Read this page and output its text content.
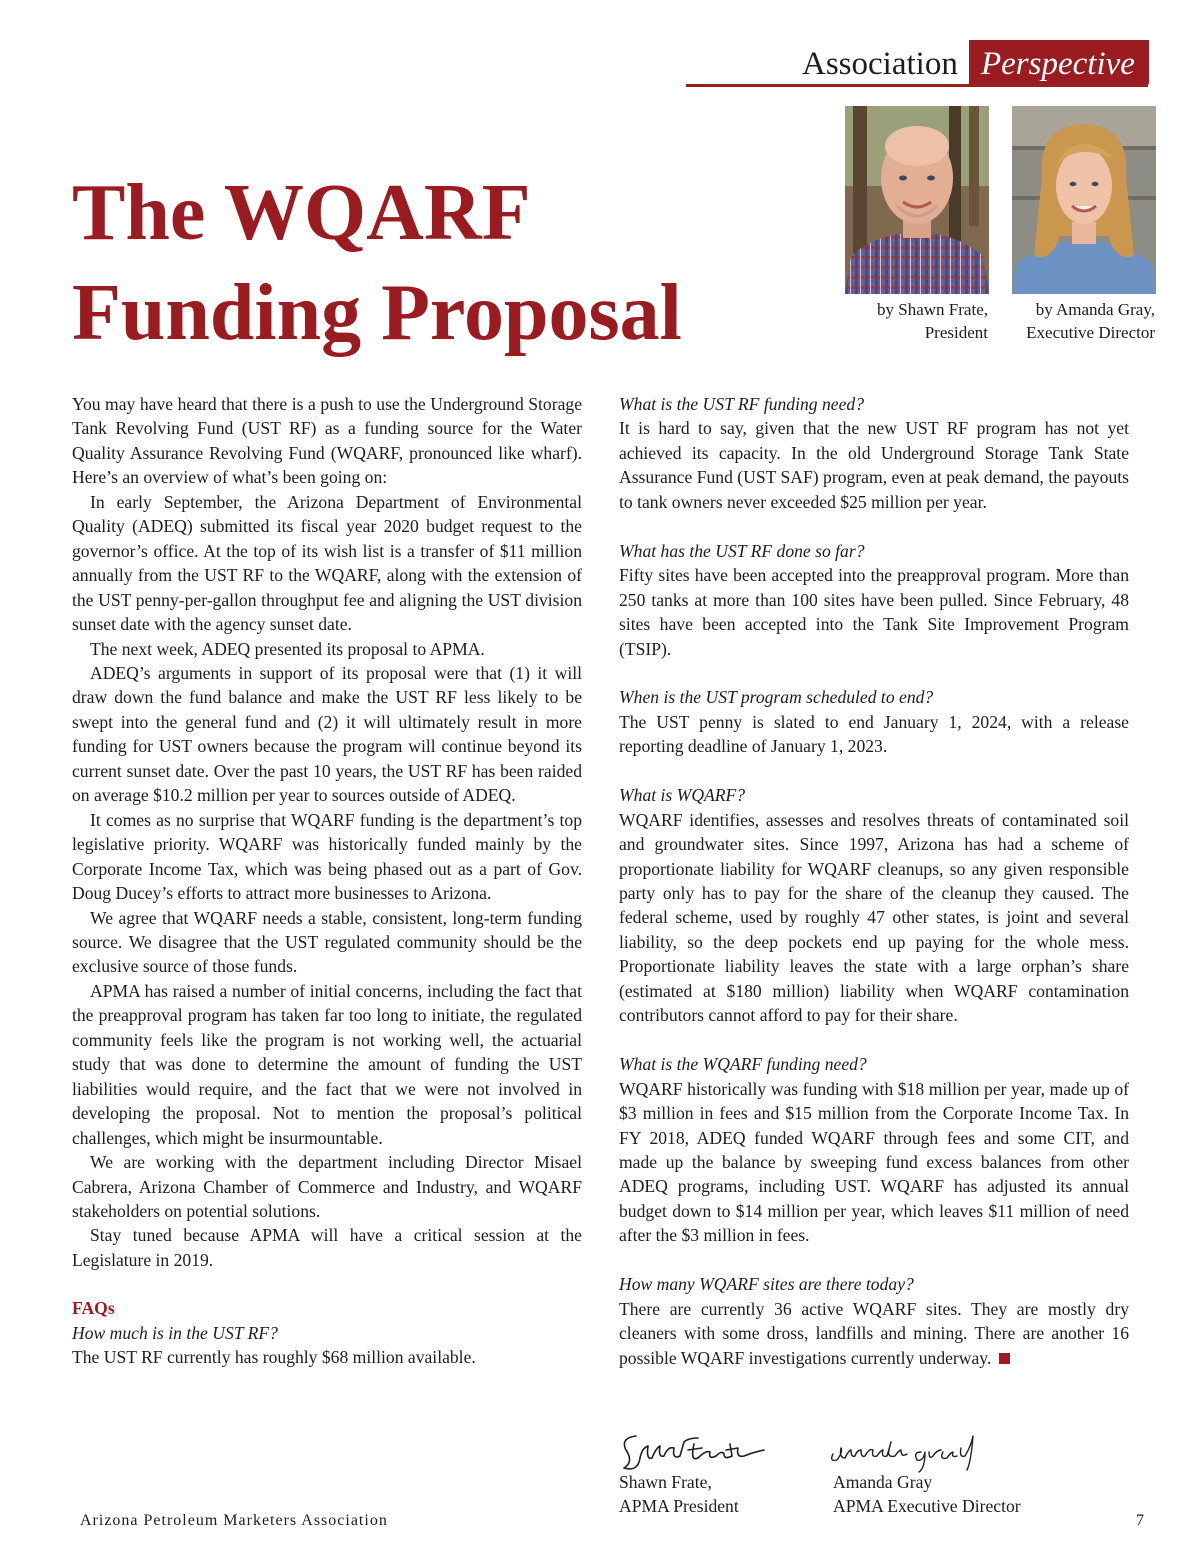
Association Perspective
The WQARF
Funding Proposal	by Shawn Frate,
President
by Amanda Gray,
Executive Director

You may have heard that there is a push to use the Underground Storage Tank Revolving Fund (UST RF) as a funding source for the Water Quality Assurance Revolving Fund (WQARF, pronounced like wharf). Here’s an overview of what’s been going on:

In early September, the Arizona Department of Environmental Quality (ADEQ) submitted its fiscal year 2020 budget request to the governor’s office. At the top of its wish list is a transfer of $11 million annually from the UST RF to the WQARF, along with the extension of the UST penny-per-gallon throughput fee and aligning the UST division sunset date with the agency sunset date.

The next week, ADEQ presented its proposal to APMA.

ADEQ’s arguments in support of its proposal were that (1) it will draw down the fund balance and make the UST RF less likely to be swept into the general fund and (2) it will ultimately result in more funding for UST owners because the program will continue beyond its current sunset date. Over the past 10 years, the UST RF has been raided on average $10.2 million per year to sources outside of ADEQ.

It comes as no surprise that WQARF funding is the department’s top legislative priority. WQARF was historically funded mainly by the Corporate Income Tax, which was being phased out as a part of Gov. Doug Ducey’s efforts to attract more businesses to Arizona.

We agree that WQARF needs a stable, consistent, long-term funding source. We disagree that the UST regulated community should be the exclusive source of those funds.

APMA has raised a number of initial concerns, including the fact that the preapproval program has taken far too long to initiate, the regulated community feels like the program is not working well, the actuarial study that was done to determine the amount of funding the UST liabilities would require, and the fact that we were not involved in developing the proposal. Not to mention the proposal’s political challenges, which might be insurmountable.

We are working with the department including Director Misael Cabrera, Arizona Chamber of Commerce and Industry, and WQARF stakeholders on potential solutions.

Stay tuned because APMA will have a critical session at the Legislature in 2019.

FAQs

How much is in the UST RF?

The UST RF currently has roughly $68 million available.

What is the UST RF funding need?

It is hard to say, given that the new UST RF program has not yet achieved its capacity. In the old Underground Storage Tank State Assurance Fund (UST SAF) program, even at peak demand, the payouts to tank owners never exceeded $25 million per year.

What has the UST RF done so far?

Fifty sites have been accepted into the preapproval program. More than 250 tanks at more than 100 sites have been pulled. Since February, 48 sites have been accepted into the Tank Site Improvement Program (TSIP).

When is the UST program scheduled to end?

The UST penny is slated to end January 1, 2024, with a release reporting deadline of January 1, 2023.

What is WQARF?

WQARF identifies, assesses and resolves threats of contaminated soil and groundwater sites. Since 1997, Arizona has had a scheme of proportionate liability for WQARF cleanups, so any given responsible party only has to pay for the share of the cleanup they caused. The federal scheme, used by roughly 47 other states, is joint and several liability, so the deep pockets end up paying for the whole mess. Proportionate liability leaves the state with a large orphan’s share (estimated at $180 million) liability when WQARF contamination contributors cannot afford to pay for their share.

What is the WQARF funding need?

WQARF historically was funding with $18 million per year, made up of $3 million in fees and $15 million from the Corporate Income Tax. In FY 2018, ADEQ funded WQARF through fees and some CIT, and made up the balance by sweeping fund excess balances from other ADEQ programs, including UST. WQARF has adjusted its annual budget down to $14 million per year, which leaves $11 million of need after the $3 million in fees.

How many WQARF sites are there today?

There are currently 36 active WQARF sites. They are mostly dry cleaners with some dross, landfills and mining. There are another 16 possible WQARF investigations currently underway.

Shawn Frate,
APMA President
Amanda Gray
APMA Executive Director
Arizona Petroleum Marketers Association	7
